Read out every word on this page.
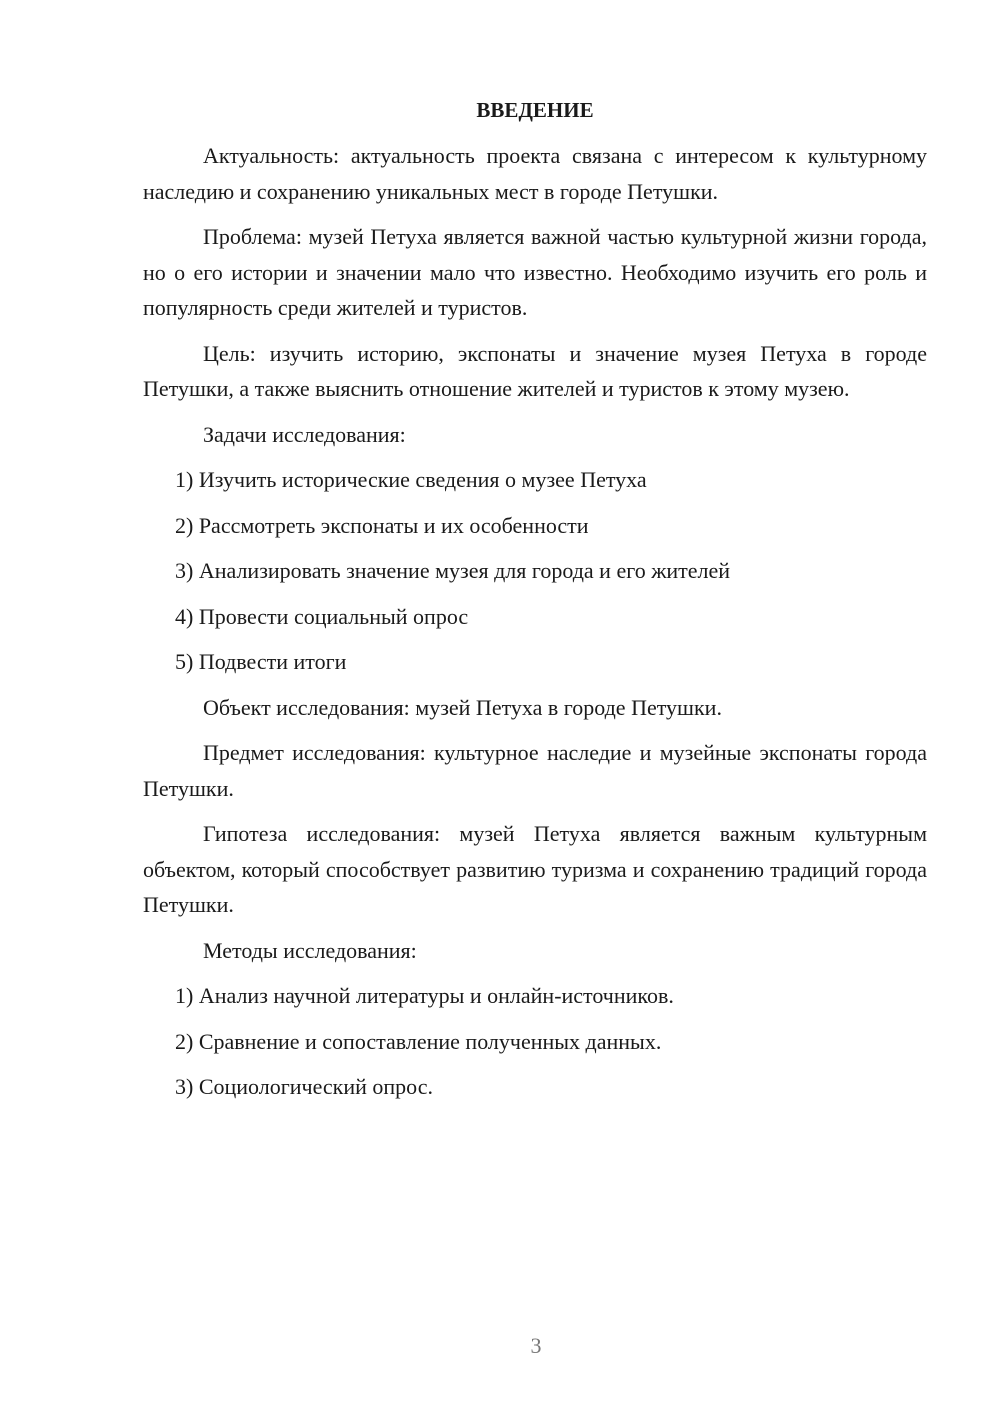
ВВЕДЕНИЕ
Актуальность: актуальность проекта связана с интересом к культурному наследию и сохранению уникальных мест в городе Петушки.
Проблема: музей Петуха является важной частью культурной жизни города, но о его истории и значении мало что известно. Необходимо изучить его роль и популярность среди жителей и туристов.
Цель: изучить историю, экспонаты и значение музея Петуха в городе Петушки, а также выяснить отношение жителей и туристов к этому музею.
Задачи исследования:
1) Изучить исторические сведения о музее Петуха
2) Рассмотреть экспонаты и их особенности
3) Анализировать значение музея для города и его жителей
4) Провести социальный опрос
5) Подвести итоги
Объект исследования: музей Петуха в городе Петушки.
Предмет исследования: культурное наследие и музейные экспонаты города Петушки.
Гипотеза исследования: музей Петуха является важным культурным объектом, который способствует развитию туризма и сохранению традиций города Петушки.
Методы исследования:
1) Анализ научной литературы и онлайн-источников.
2) Сравнение и сопоставление полученных данных.
3) Социологический опрос.
3
